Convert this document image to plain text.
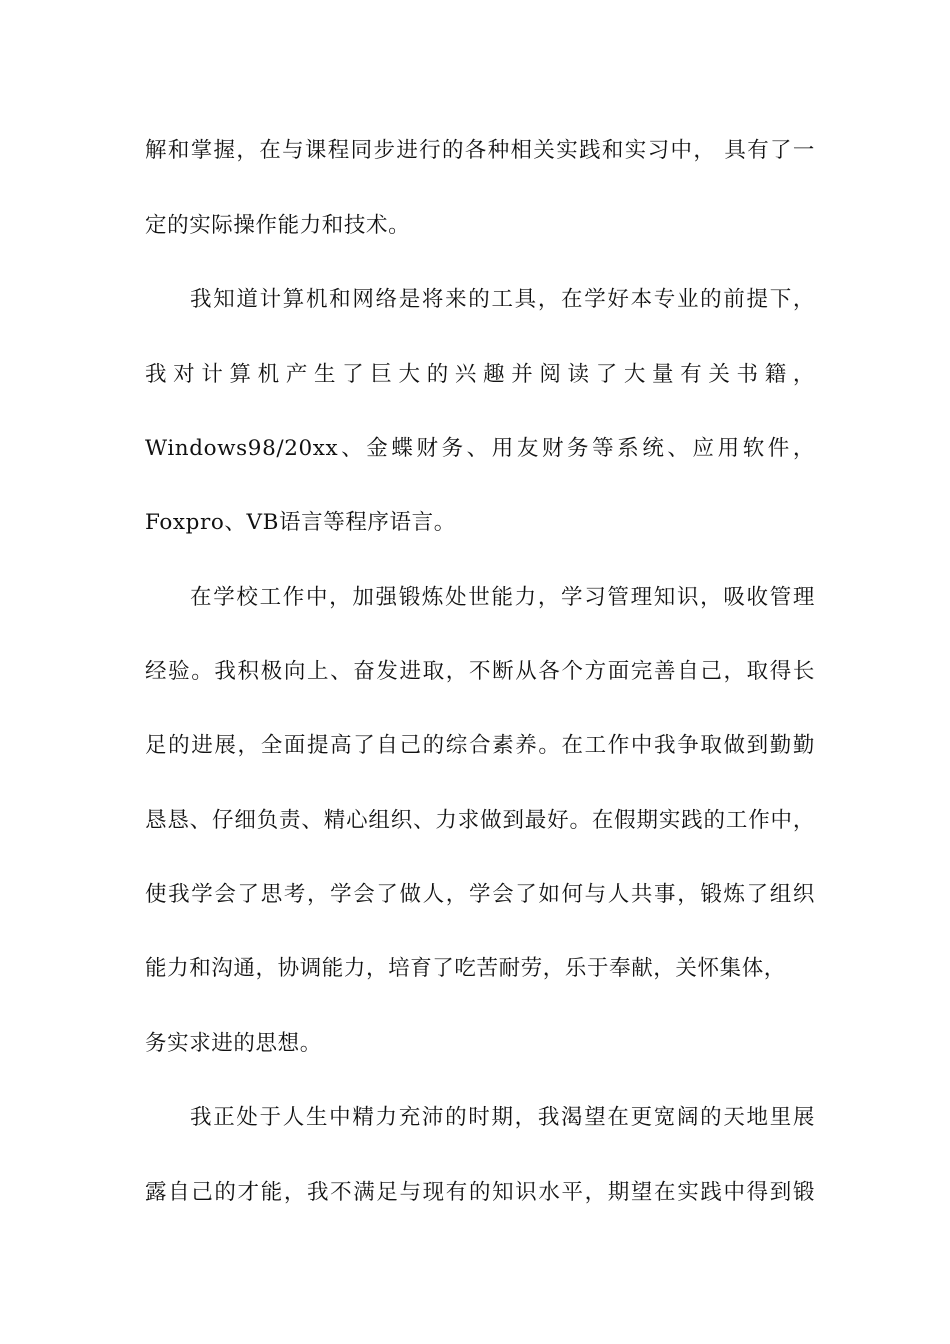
解和掌握，在与课程同步进行的各种相关实践和实习中， 具有了一
定的实际操作能力和技术。
我知道计算机和网络是将来的工具，在学好本专业的前提下，
我对计算机产生了巨大的兴趣并阅读了大量有关书籍，
Windows98/20xx、金蝶财务、用友财务等系统、应用软件，
Foxpro、VB语言等程序语言。
在学校工作中，加强锻炼处世能力，学习管理知识，吸收管理
经验。我积极向上、奋发进取，不断从各个方面完善自己，取得长
足的进展，全面提高了自己的综合素养。在工作中我争取做到勤勤
恳恳、仔细负责、精心组织、力求做到最好。在假期实践的工作中，
使我学会了思考，学会了做人，学会了如何与人共事，锻炼了组织
能力和沟通，协调能力，培育了吃苦耐劳，乐于奉献，关怀集体，
务实求进的思想。
我正处于人生中精力充沛的时期，我渴望在更宽阔的天地里展
露自己的才能，我不满足与现有的知识水平，期望在实践中得到锻
